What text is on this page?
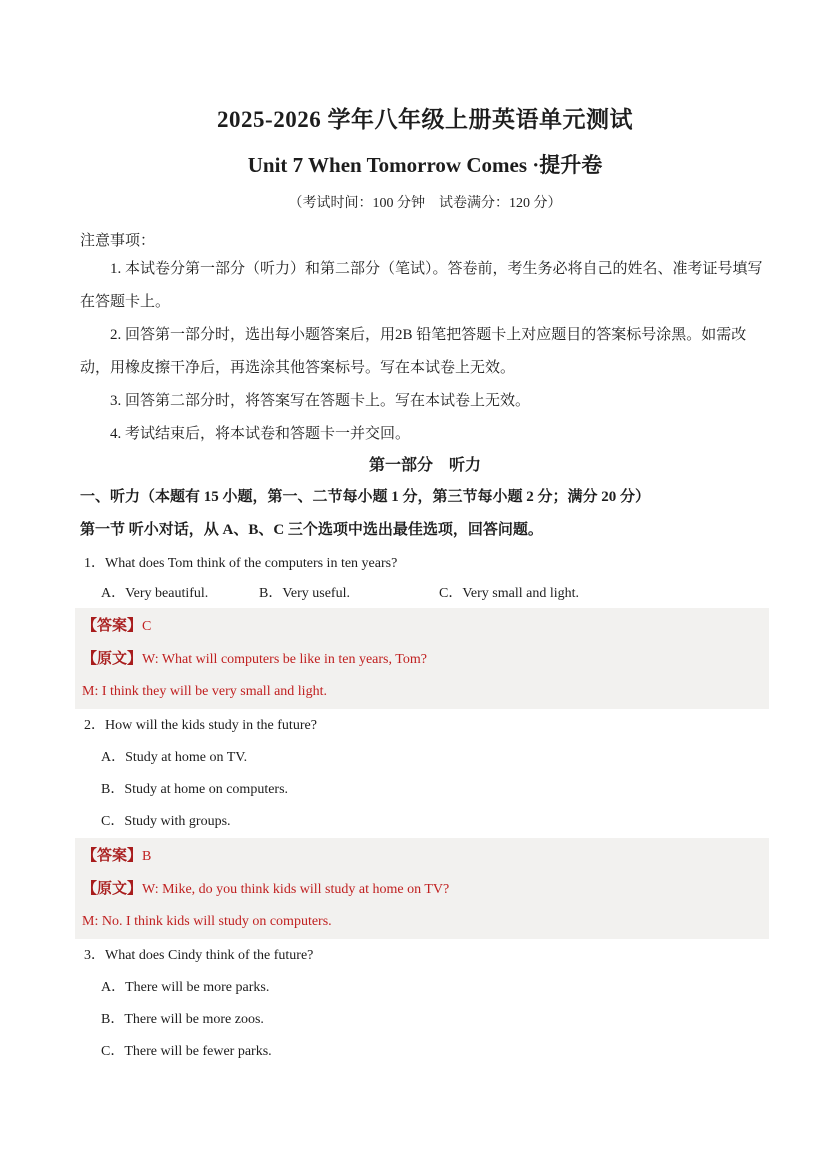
2025-2026 学年八年级上册英语单元测试
Unit 7 When Tomorrow Comes ·提升卷
（考试时间：100 分钟　试卷满分：120 分）
注意事项：

1. 本试卷分第一部分（听力）和第二部分（笔试）。答卷前，考生务必将自己的姓名、准考证号填写在答题卡上。

2. 回答第一部分时，选出每小题答案后，用2B 铅笔把答题卡上对应题目的答案标号涂黑。如需改动，用橡皮擦干净后，再选涂其他答案标号。写在本试卷上无效。

3. 回答第二部分时，将答案写在答题卡上。写在本试卷上无效。

4. 考试结束后，将本试卷和答题卡一并交回。

第一部分　听力
一、听力（本题有 15 小题，第一、二节每小题 1 分，第三节每小题 2 分；满分 20 分）
第一节 听小对话，从 A、B、C 三个选项中选出最佳选项，回答问题。
1．What does Tom think of the computers in ten years?
A．Very beautiful.	B．Very useful.	C．Very small and light.
【答案】C
【原文】W: What will computers be like in ten years, Tom?
M: I think they will be very small and light.
2．How will the kids study in the future?
A．Study at home on TV.
B．Study at home on computers.
C．Study with groups.
【答案】B
【原文】W: Mike, do you think kids will study at home on TV?
M: No. I think kids will study on computers.
3．What does Cindy think of the future?
A．There will be more parks.
B．There will be more zoos.
C．There will be fewer parks.
